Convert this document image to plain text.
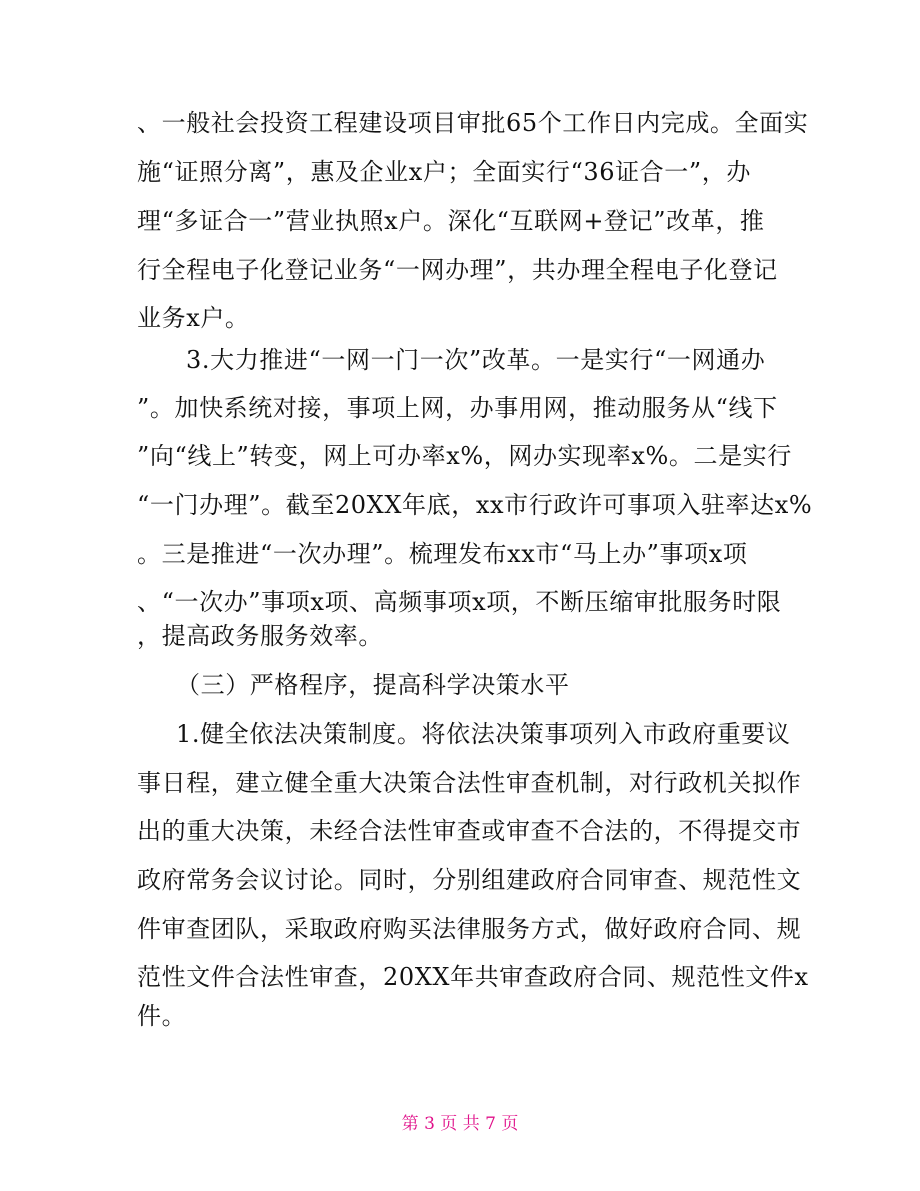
、一般社会投资工程建设项目审批65个工作日内完成。全面实
施“证照分离”，惠及企业x户；全面实行“36证合一”，办
理“多证合一”营业执照x户。深化“互联网+登记”改革，推
行全程电子化登记业务“一网办理”，共办理全程电子化登记
业务x户。
3.大力推进“一网一门一次”改革。一是实行“一网通办
”。加快系统对接，事项上网，办事用网，推动服务从“线下
”向“线上”转变，网上可办率x%，网办实现率x%。二是实行
“一门办理”。截至20XX年底，xx市行政许可事项入驻率达x%
。三是推进“一次办理”。梳理发布xx市“马上办”事项x项
、“一次办”事项x项、高频事项x项，不断压缩审批服务时限
，提高政务服务效率。
（三）严格程序，提高科学决策水平
1.健全依法决策制度。将依法决策事项列入市政府重要议
事日程，建立健全重大决策合法性审查机制，对行政机关拟作
出的重大决策，未经合法性审查或审查不合法的，不得提交市
政府常务会议讨论。同时，分别组建政府合同审查、规范性文
件审查团队，采取政府购买法律服务方式，做好政府合同、规
范性文件合法性审查，20XX年共审查政府合同、规范性文件x
件。
第 3 页 共 7 页
